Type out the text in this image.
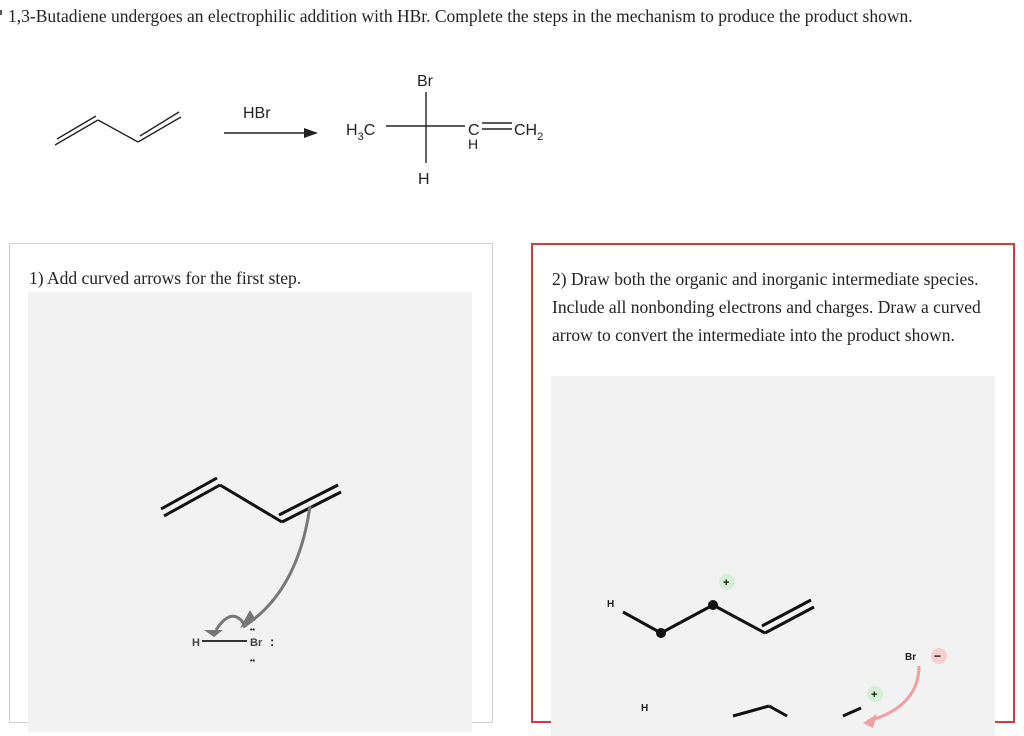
1,3-Butadiene undergoes an electrophilic addition with HBr. Complete the steps in the mechanism to produce the product shown.

HBr
Br
$H_3C$
H
C
H
$CH_2$

1) Add curved arrows for the first step.

H	Br :
••
••

2) Draw both the organic and inorganic intermediate species. Include all nonbonding electrons and charges. Draw a curved arrow to convert the intermediate into the product shown.

H
+
H
+
Br −
